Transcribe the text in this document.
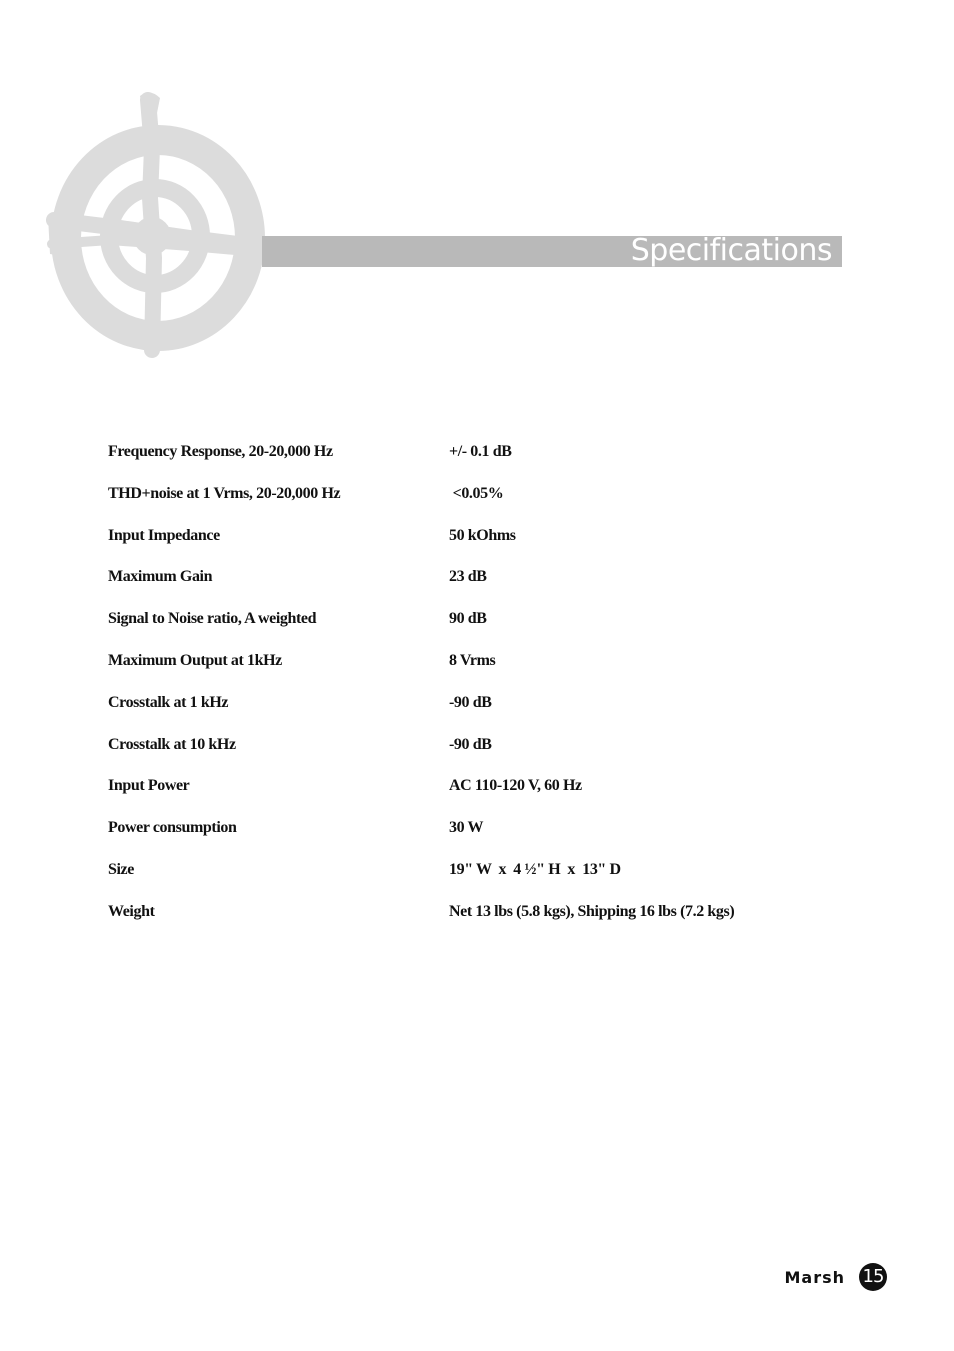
Specifications
Frequency Response, 20-20,000 Hz	+/- 0.1 dB
THD+noise at 1 Vrms, 20-20,000 Hz	<0.05%
Input Impedance	50 kOhms
Maximum Gain	23 dB
Signal to Noise ratio, A weighted	90 dB
Maximum Output at 1kHz	8 Vrms
Crosstalk at 1 kHz	-90 dB
Crosstalk at 10 kHz	-90 dB
Input Power	AC 110-120 V, 60 Hz
Power consumption	30 W
Size	19" W  x  4 ½" H  x  13" D
Weight	Net 13 lbs (5.8 kgs), Shipping 16 lbs (7.2 kgs)
Marsh 15
